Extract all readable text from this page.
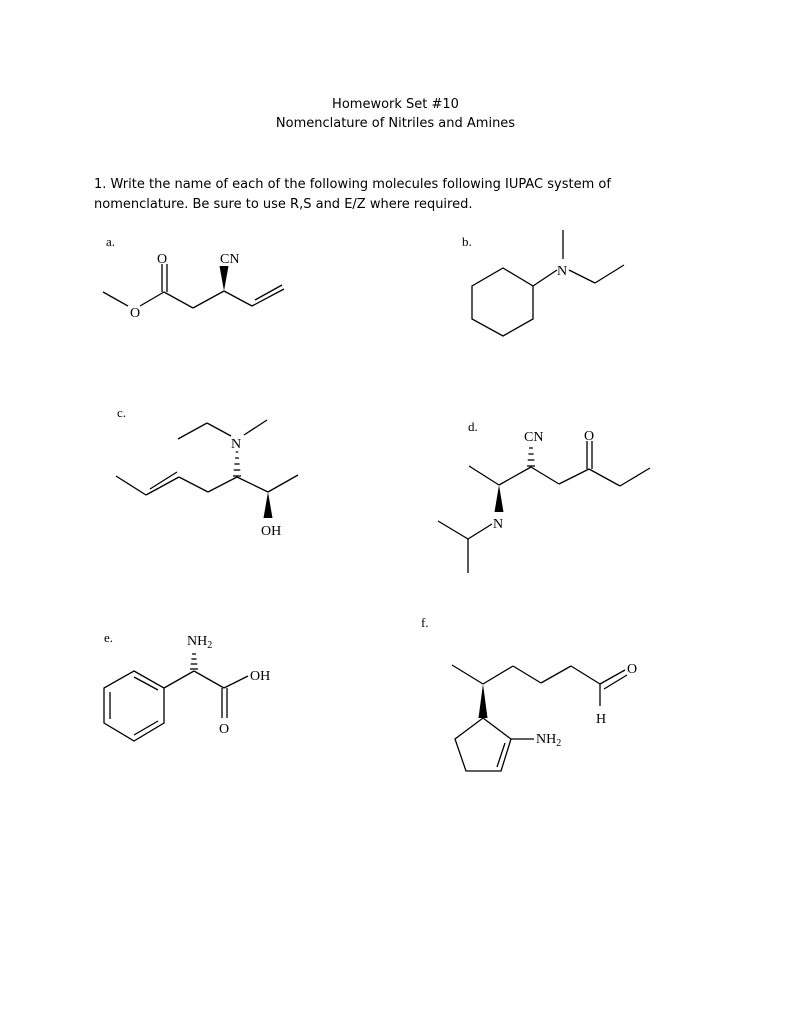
Homework Set #10
Nomenclature of Nitriles and Amines
1. Write the name of each of the following molecules following IUPAC system of nomenclature. Be sure to use R,S and E/Z where required.
a.	b.
c.
d.
e.
f.
O
O
CN
N
N
OH
CN	O
N
$NH_2$
OH
O
O
H
$NH_2$
